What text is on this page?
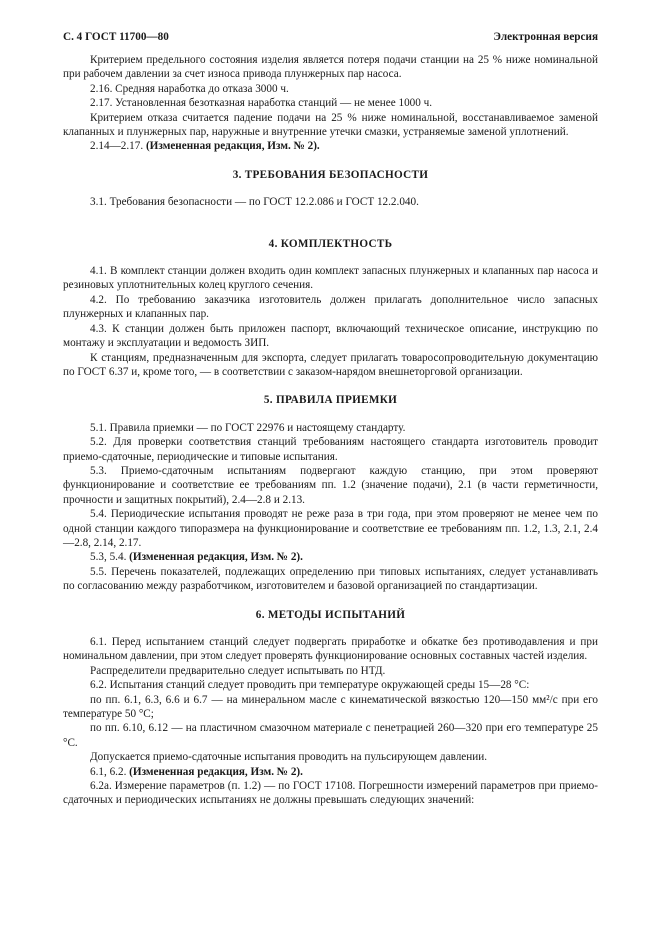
С. 4 ГОСТ 11700—80	Электронная версия

Критерием предельного состояния изделия является потеря подачи станции на 25 % ниже номинальной при рабочем давлении за счет износа привода плунжерных пар насоса.

2.16. Средняя наработка до отказа 3000 ч.

2.17. Установленная безотказная наработка станций — не менее 1000 ч.

Критерием отказа считается падение подачи на 25 % ниже номинальной, восстанавливаемое заменой клапанных и плунжерных пар, наружные и внутренние утечки смазки, устраняемые заменой уплотнений.

2.14—2.17. (Измененная редакция, Изм. № 2).

3. ТРЕБОВАНИЯ БЕЗОПАСНОСТИ

3.1. Требования безопасности — по ГОСТ 12.2.086 и ГОСТ 12.2.040.

4. КОМПЛЕКТНОСТЬ

4.1. В комплект станции должен входить один комплект запасных плунжерных и клапанных пар насоса и резиновых уплотнительных колец круглого сечения.

4.2. По требованию заказчика изготовитель должен прилагать дополнительное число запасных плунжерных и клапанных пар.

4.3. К станции должен быть приложен паспорт, включающий техническое описание, инструкцию по монтажу и эксплуатации и ведомость ЗИП.

К станциям, предназначенным для экспорта, следует прилагать товаросопроводительную документацию по ГОСТ 6.37 и, кроме того, — в соответствии с заказом-нарядом внешнеторговой организации.

5. ПРАВИЛА ПРИЕМКИ

5.1. Правила приемки — по ГОСТ 22976 и настоящему стандарту.

5.2. Для проверки соответствия станций требованиям настоящего стандарта изготовитель проводит приемо-сдаточные, периодические и типовые испытания.

5.3. Приемо-сдаточным испытаниям подвергают каждую станцию, при этом проверяют функционирование и соответствие ее требованиям пп. 1.2 (значение подачи), 2.1 (в части герметичности, прочности и защитных покрытий), 2.4—2.8 и 2.13.

5.4. Периодические испытания проводят не реже раза в три года, при этом проверяют не менее чем по одной станции каждого типоразмера на функционирование и соответствие ее требованиям пп. 1.2, 1.3, 2.1, 2.4—2.8, 2.14, 2.17.

5.3, 5.4. (Измененная редакция, Изм. № 2).

5.5. Перечень показателей, подлежащих определению при типовых испытаниях, следует устанавливать по согласованию между разработчиком, изготовителем и базовой организацией по стандартизации.

6. МЕТОДЫ ИСПЫТАНИЙ

6.1. Перед испытанием станций следует подвергать приработке и обкатке без противодавления и при номинальном давлении, при этом следует проверять функционирование основных составных частей изделия.

Распределители предварительно следует испытывать по НТД.

6.2. Испытания станций следует проводить при температуре окружающей среды 15—28 °С:

по пп. 6.1, 6.3, 6.6 и 6.7 — на минеральном масле с кинематической вязкостью 120—150 мм²/с при его температуре 50 °С;

по пп. 6.10, 6.12 — на пластичном смазочном материале с пенетрацией 260—320 при его температуре 25 °С.

Допускается приемо-сдаточные испытания проводить на пульсирующем давлении.

6.1, 6.2. (Измененная редакция, Изм. № 2).

6.2а. Измерение параметров (п. 1.2) — по ГОСТ 17108. Погрешности измерений параметров при приемо-сдаточных и периодических испытаниях не должны превышать следующих значений:
